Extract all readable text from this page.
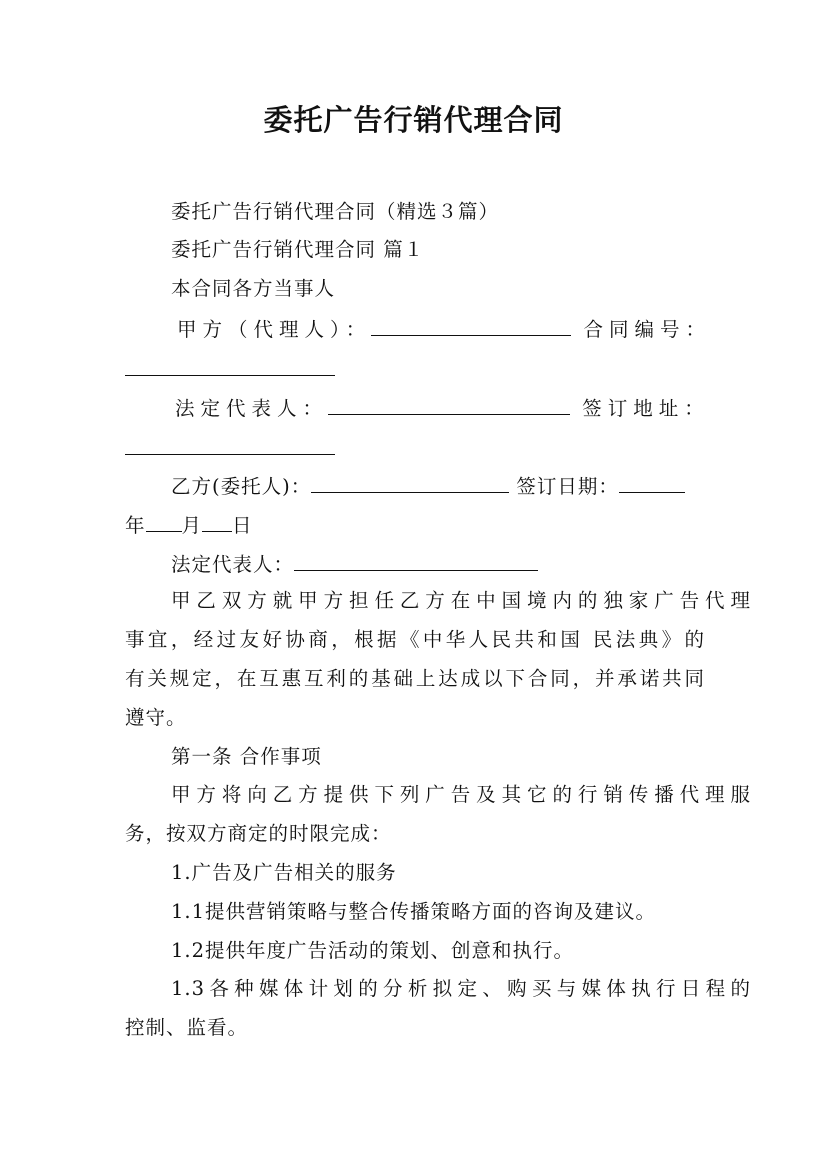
委托广告行销代理合同
委托广告行销代理合同（精选３篇）
委托广告行销代理合同 篇１
本合同各方当事人
甲方（代理人）：	合同编号：
法定代表人：	签订地址：
乙方(委托人)：	签订日期：
年 月 日
法定代表人：
甲乙双方就甲方担任乙方在中国境内的独家广告代理
事宜，经过友好协商，根据《中华人民共和国 民法典》的
有关规定，在互惠互利的基础上达成以下合同，并承诺共同
遵守。
第一条 合作事项
甲方将向乙方提供下列广告及其它的行销传播代理服
务，按双方商定的时限完成：
1.广告及广告相关的服务
1.1提供营销策略与整合传播策略方面的咨询及建议。
1.2提供年度广告活动的策划、创意和执行。
1.3各种媒体计划的分析拟定、购买与媒体执行日程的
控制、监看。
